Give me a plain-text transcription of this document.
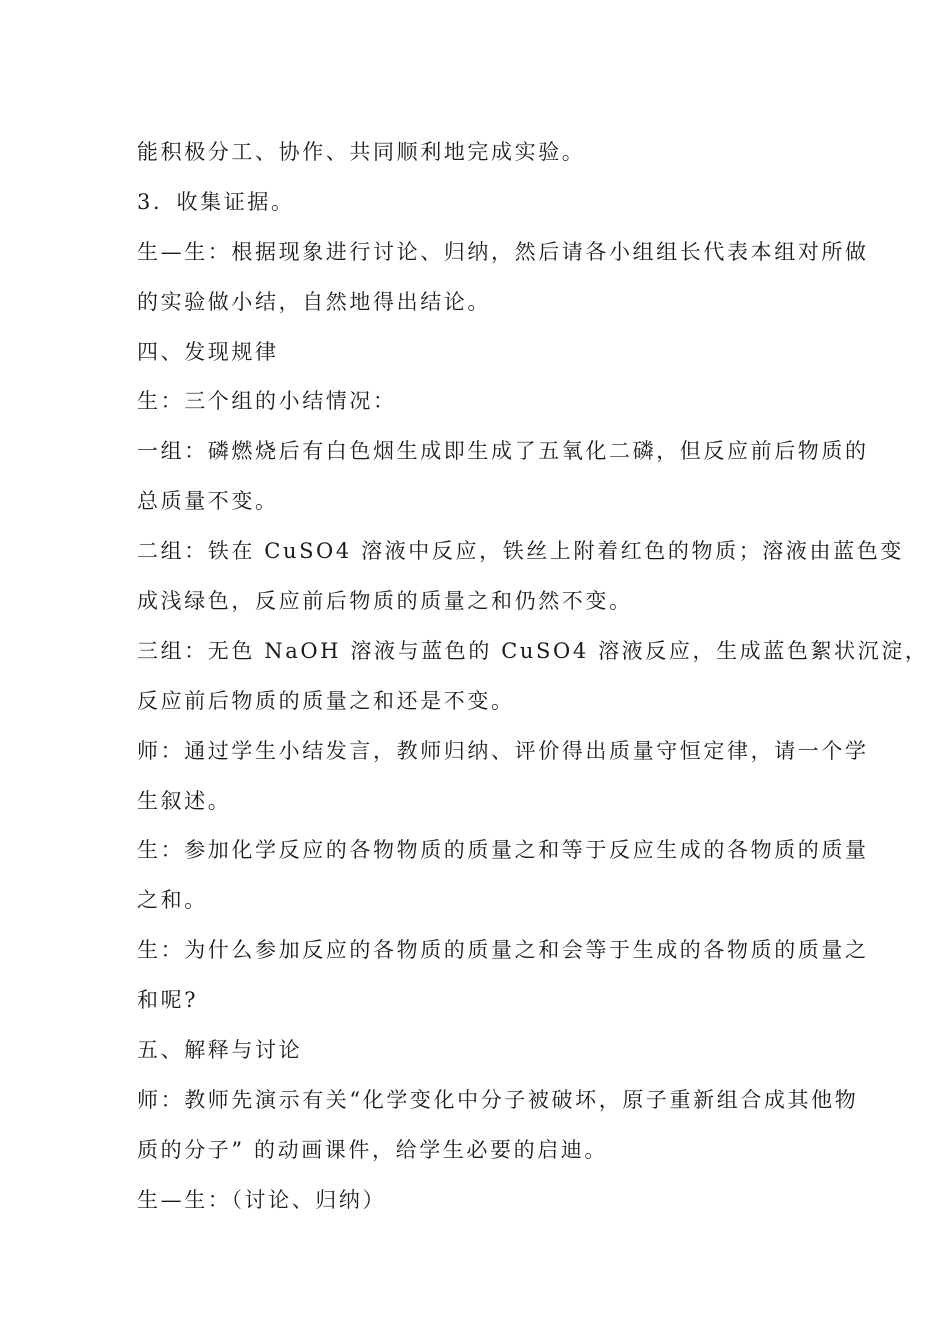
能积极分工、协作、共同顺利地完成实验。
3．收集证据。
生—生：根据现象进行讨论、归纳，然后请各小组组长代表本组对所做
的实验做小结，自然地得出结论。
四、发现规律
生：三个组的小结情况：
一组：磷燃烧后有白色烟生成即生成了五氧化二磷，但反应前后物质的
总质量不变。
二组：铁在 CuSO4 溶液中反应，铁丝上附着红色的物质；溶液由蓝色变
成浅绿色，反应前后物质的质量之和仍然不变。
三组：无色 NaOH 溶液与蓝色的 CuSO4 溶液反应，生成蓝色絮状沉淀，
反应前后物质的质量之和还是不变。
师：通过学生小结发言，教师归纳、评价得出质量守恒定律，请一个学
生叙述。
生：参加化学反应的各物物质的质量之和等于反应生成的各物质的质量
之和。
生：为什么参加反应的各物质的质量之和会等于生成的各物质的质量之
和呢?
五、解释与讨论
师：教师先演示有关“化学变化中分子被破坏，原子重新组合成其他物
质的分子” 的动画课件，给学生必要的启迪。
生—生：（讨论、归纳）
